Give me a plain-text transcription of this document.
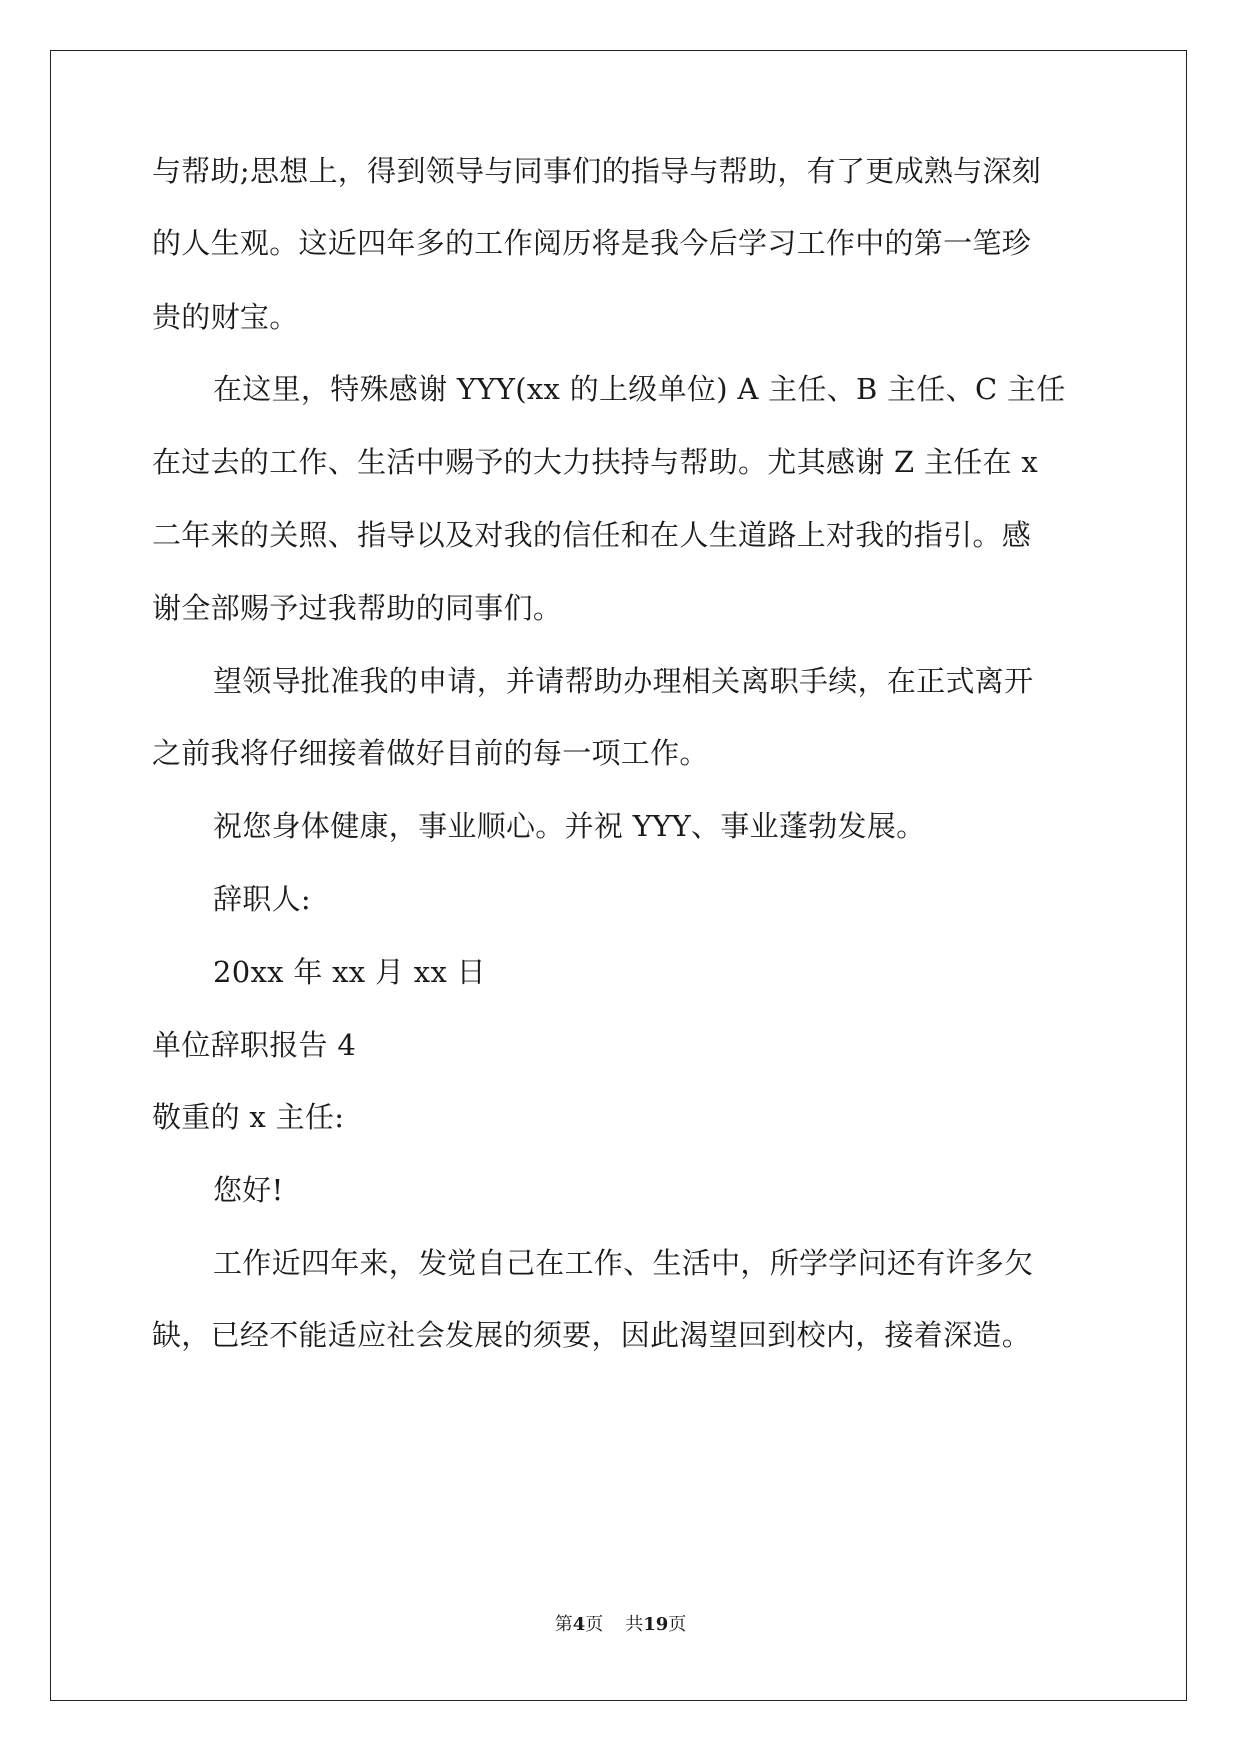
与帮助;思想上，得到领导与同事们的指导与帮助，有了更成熟与深刻
的人生观。这近四年多的工作阅历将是我今后学习工作中的第一笔珍
贵的财宝。
在这里，特殊感谢 YYY(xx 的上级单位) A 主任、B 主任、C 主任
在过去的工作、生活中赐予的大力扶持与帮助。尤其感谢 Z 主任在 x
二年来的关照、指导以及对我的信任和在人生道路上对我的指引。感
谢全部赐予过我帮助的同事们。
望领导批准我的申请，并请帮助办理相关离职手续，在正式离开
之前我将仔细接着做好目前的每一项工作。
祝您身体健康，事业顺心。并祝 YYY、事业蓬勃发展。
辞职人:
20xx 年 xx 月 xx 日
单位辞职报告 4
敬重的 x 主任:
您好!
工作近四年来，发觉自己在工作、生活中，所学学问还有许多欠
缺，已经不能适应社会发展的须要，因此渴望回到校内，接着深造。
第4页 共19页
